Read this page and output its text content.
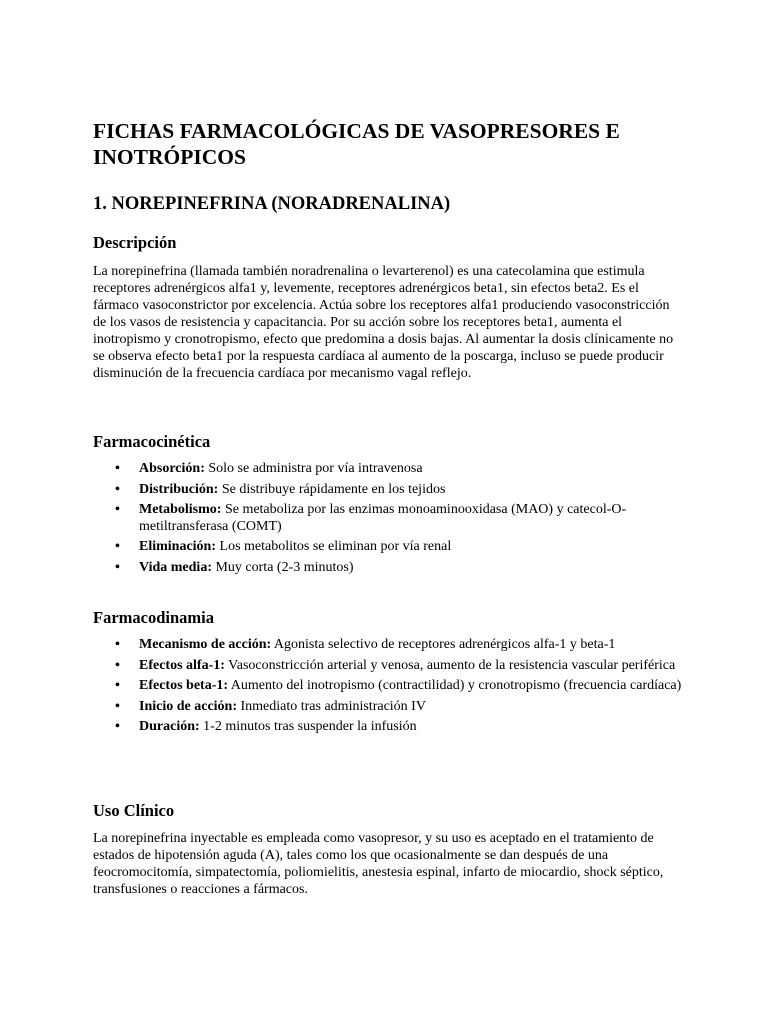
FICHAS FARMACOLÓGICAS DE VASOPRESORES E INOTRÓPICOS
1. NOREPINEFRINA (NORADRENALINA)
Descripción

La norepinefrina (llamada también noradrenalina o levarterenol) es una catecolamina que estimula receptores adrenérgicos alfa1 y, levemente, receptores adrenérgicos beta1, sin efectos beta2. Es el fármaco vasoconstrictor por excelencia. Actúa sobre los receptores alfa1 produciendo vasoconstricción de los vasos de resistencia y capacitancia. Por su acción sobre los receptores beta1, aumenta el inotropismo y cronotropismo, efecto que predomina a dosis bajas. Al aumentar la dosis clínicamente no se observa efecto beta1 por la respuesta cardíaca al aumento de la poscarga, incluso se puede producir disminución de la frecuencia cardíaca por mecanismo vagal reflejo.

Farmacocinética
• Absorción: Solo se administra por vía intravenosa
• Distribución: Se distribuye rápidamente en los tejidos
• Metabolismo: Se metaboliza por las enzimas monoaminooxidasa (MAO) y catecol-O-metiltransferasa (COMT)
• Eliminación: Los metabolitos se eliminan por vía renal
• Vida media: Muy corta (2-3 minutos)
Farmacodinamia
• Mecanismo de acción: Agonista selectivo de receptores adrenérgicos alfa-1 y beta-1
• Efectos alfa-1: Vasoconstricción arterial y venosa, aumento de la resistencia vascular periférica
• Efectos beta-1: Aumento del inotropismo (contractilidad) y cronotropismo (frecuencia cardíaca)
• Inicio de acción: Inmediato tras administración IV
• Duración: 1-2 minutos tras suspender la infusión
Uso Clínico

La norepinefrina inyectable es empleada como vasopresor, y su uso es aceptado en el tratamiento de estados de hipotensión aguda (A), tales como los que ocasionalmente se dan después de una feocromocitomía, simpatectomía, poliomielitis, anestesia espinal, infarto de miocardio, shock séptico, transfusiones o reacciones a fármacos.
